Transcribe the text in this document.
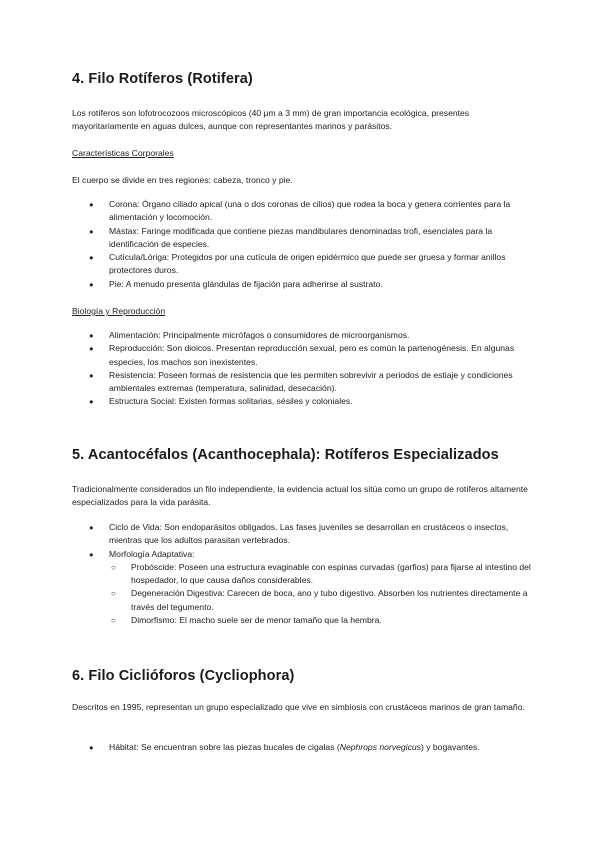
4. Filo Rotíferos (Rotifera)

Los rotíferos son lofotrocozoos microscópicos (40 μm a 3 mm) de gran importancia ecológica, presentes mayoritariamente en aguas dulces, aunque con representantes marinos y parásitos.

Características Corporales

El cuerpo se divide en tres regiones: cabeza, tronco y pie.

● Corona: Órgano ciliado apical (una o dos coronas de cilios) que rodea la boca y genera corrientes para la alimentación y locomoción.
● Mástax: Faringe modificada que contiene piezas mandibulares denominadas trofi, esenciales para la identificación de especies.
● Cutícula/Lóriga: Protegidos por una cutícula de origen epidérmico que puede ser gruesa y formar anillos protectores duros.
● Pie: A menudo presenta glándulas de fijación para adherirse al sustrato.

Biología y Reproducción

● Alimentación: Principalmente micrófagos o consumidores de microorganismos.
● Reproducción: Son dioicos. Presentan reproducción sexual, pero es común la partenogénesis. En algunas especies, los machos son inexistentes.
● Resistencia: Poseen formas de resistencia que les permiten sobrevivir a periodos de estiaje y condiciones ambientales extremas (temperatura, salinidad, desecación).
● Estructura Social: Existen formas solitarias, sésiles y coloniales.
5. Acantocéfalos (Acanthocephala): Rotíferos Especializados

Tradicionalmente considerados un filo independiente, la evidencia actual los sitúa como un grupo de rotíferos altamente especializados para la vida parásita.

● Ciclo de Vida: Son endoparásitos obligados. Las fases juveniles se desarrollan en crustáceos o insectos, mientras que los adultos parasitan vertebrados.
● Morfología Adaptativa:
○ Probóscide: Poseen una estructura evaginable con espinas curvadas (garfios) para fijarse al intestino del hospedador, lo que causa daños considerables.
○ Degeneración Digestiva: Carecen de boca, ano y tubo digestivo. Absorben los nutrientes directamente a través del tegumento.
○ Dimorfismo: El macho suele ser de menor tamaño que la hembra.
6. Filo Ciclióforos (Cycliophora)

Descritos en 1995, representan un grupo especializado que vive en simbiosis con crustáceos marinos de gran tamaño.

● Hábitat: Se encuentran sobre las piezas bucales de cigalas (Nephrops norvegicus) y bogavantes.
